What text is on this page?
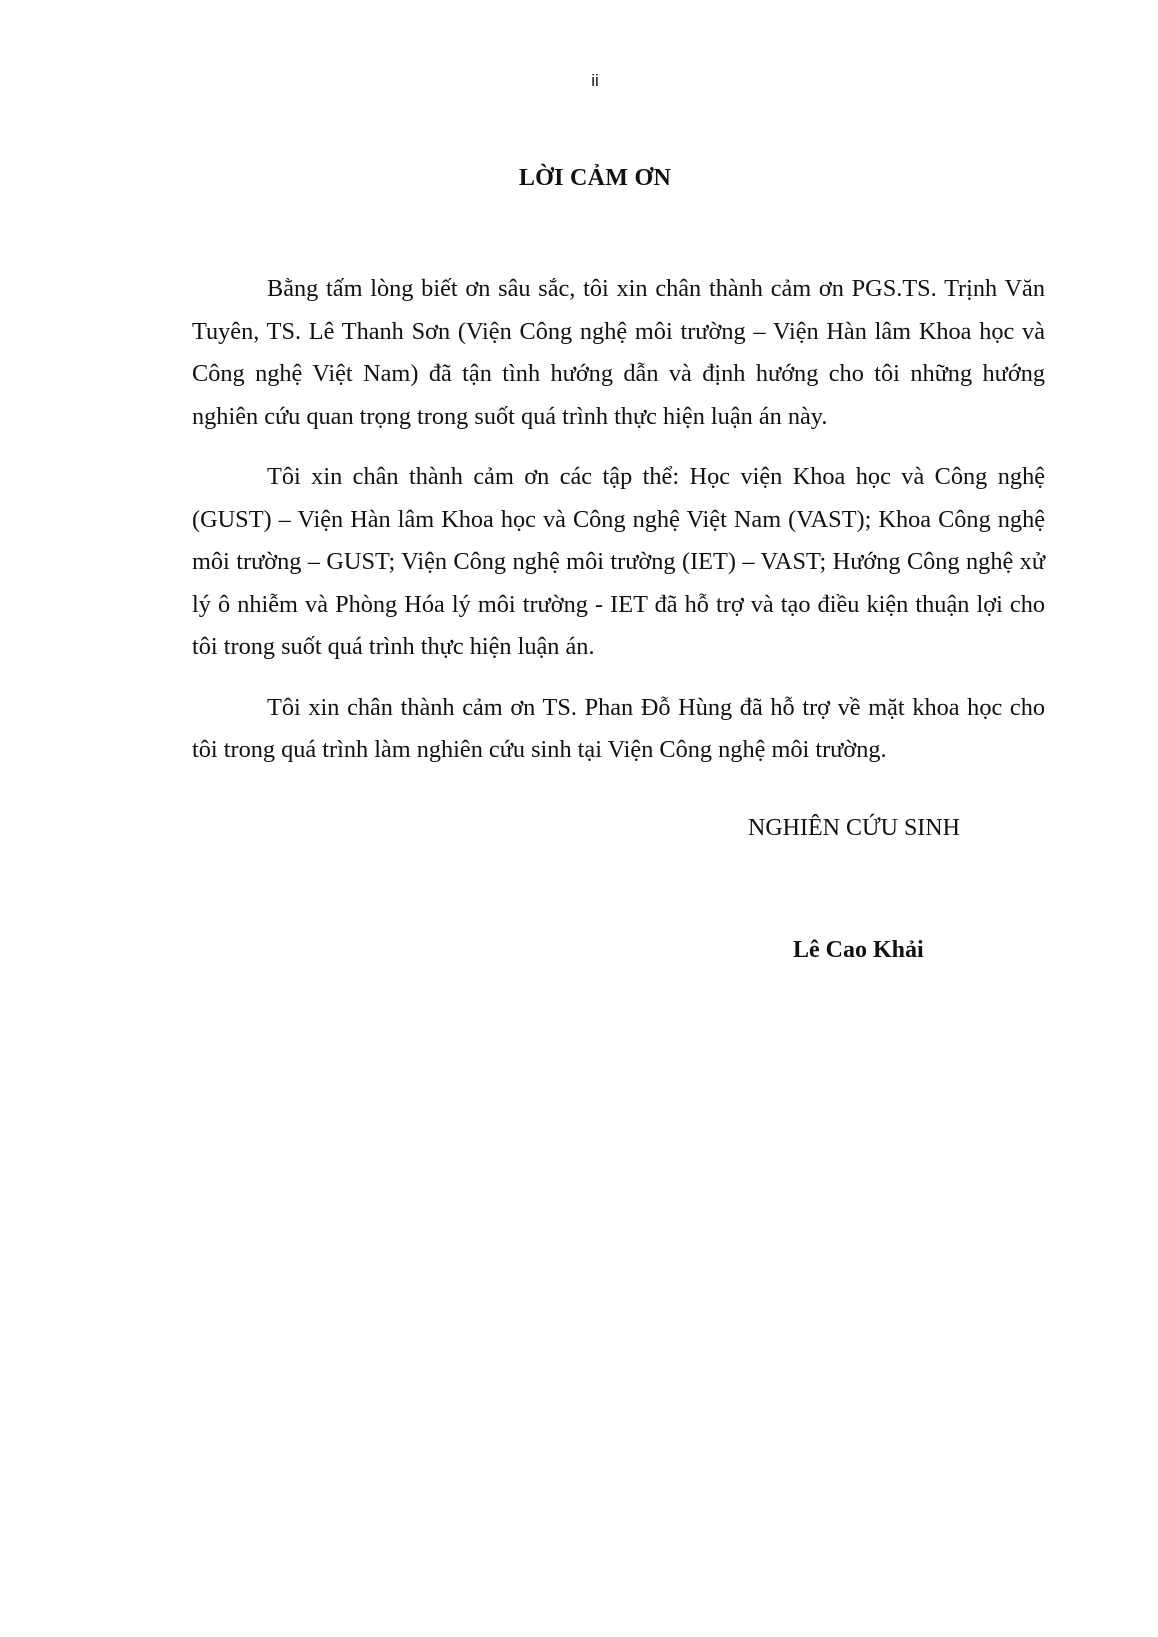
ii
LỜI CẢM ƠN

Bằng tấm lòng biết ơn sâu sắc, tôi xin chân thành cảm ơn PGS.TS. Trịnh Văn Tuyên, TS. Lê Thanh Sơn (Viện Công nghệ môi trường – Viện Hàn lâm Khoa học và Công nghệ Việt Nam) đã tận tình hướng dẫn và định hướng cho tôi những hướng nghiên cứu quan trọng trong suốt quá trình thực hiện luận án này.

Tôi xin chân thành cảm ơn các tập thể: Học viện Khoa học và Công nghệ (GUST) – Viện Hàn lâm Khoa học và Công nghệ Việt Nam (VAST); Khoa Công nghệ môi trường – GUST; Viện Công nghệ môi trường (IET) – VAST; Hướng Công nghệ xử lý ô nhiễm và Phòng Hóa lý môi trường - IET đã hỗ trợ và tạo điều kiện thuận lợi cho tôi trong suốt quá trình thực hiện luận án.

Tôi xin chân thành cảm ơn TS. Phan Đỗ Hùng đã hỗ trợ về mặt khoa học cho tôi trong quá trình làm nghiên cứu sinh tại Viện Công nghệ môi trường.

NGHIÊN CỨU SINH
Lê Cao Khải
